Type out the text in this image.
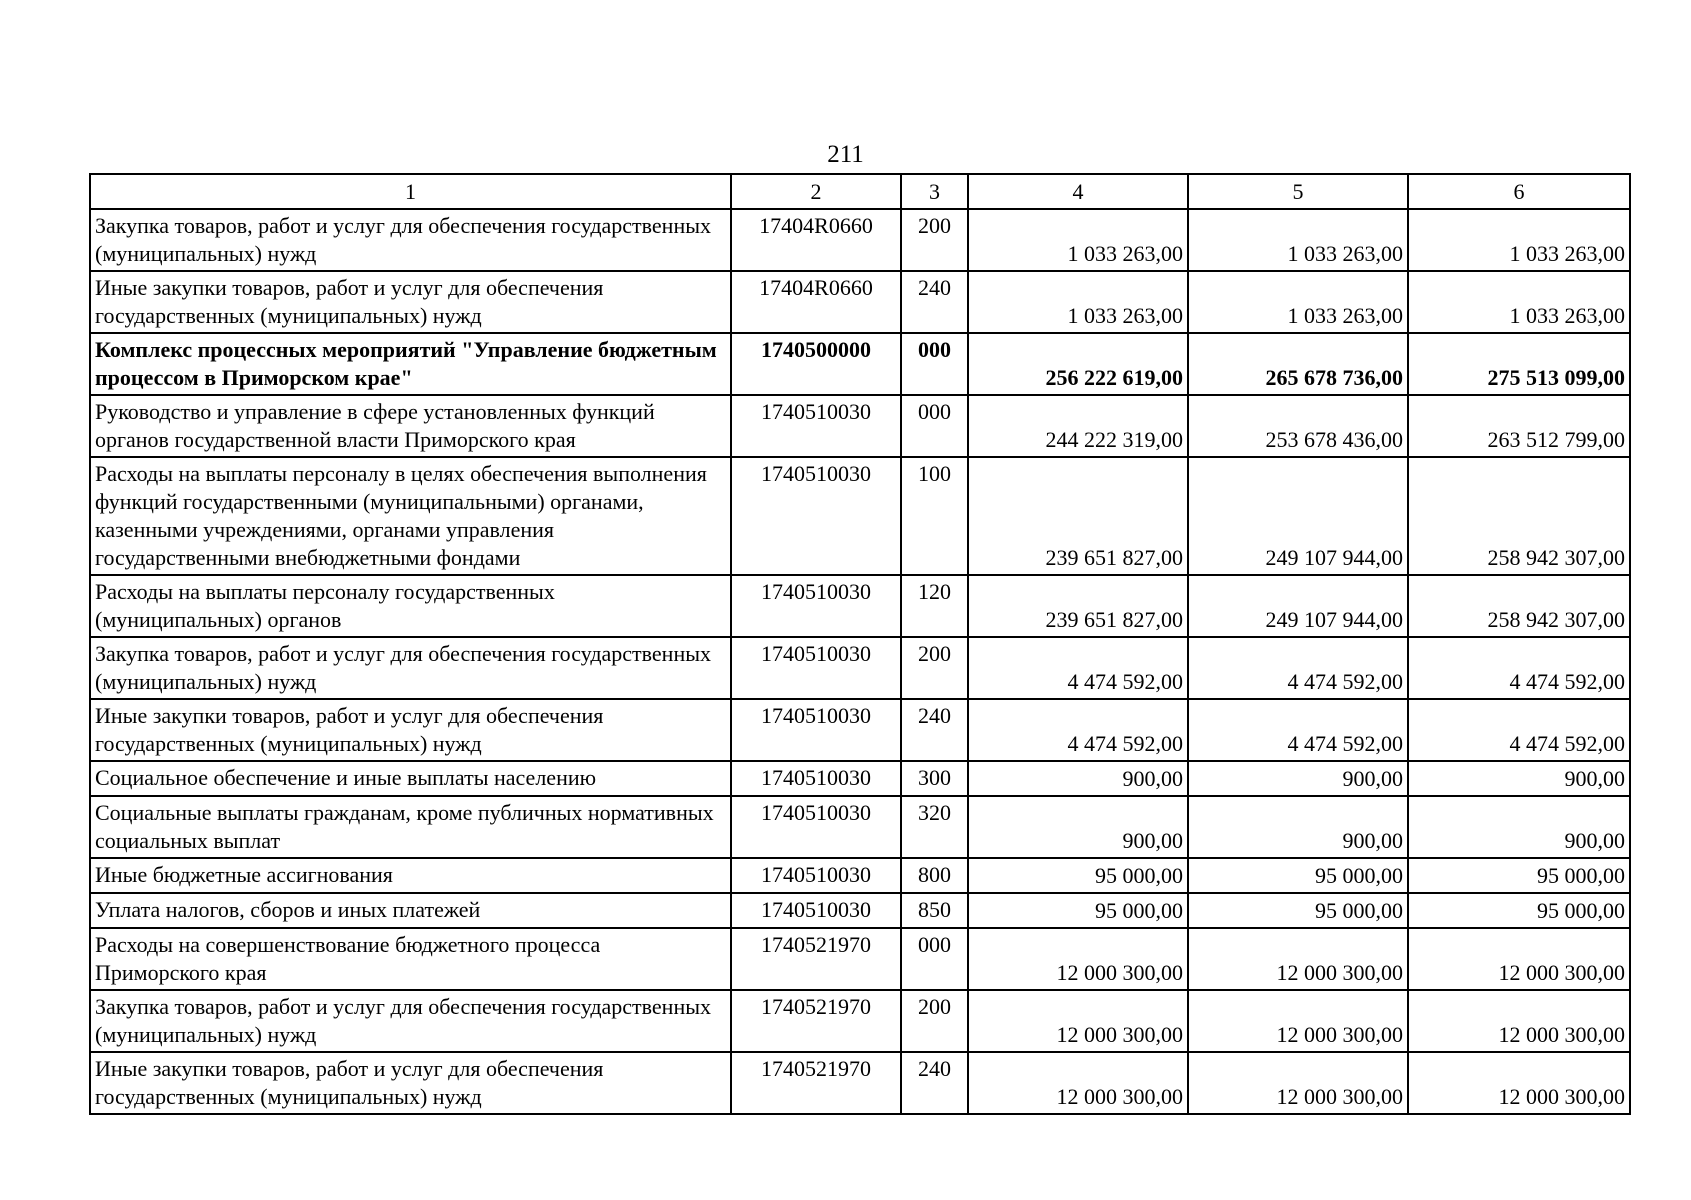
211
1	2	3	4	5	6
Закупка товаров, работ и услуг для обеспечения государственных (муниципальных) нужд	17404R0660	200	1 033 263,00	1 033 263,00	1 033 263,00
Иные закупки товаров, работ и услуг для обеспечения государственных (муниципальных) нужд	17404R0660	240	1 033 263,00	1 033 263,00	1 033 263,00
Комплекс процессных мероприятий "Управление бюджетным процессом в Приморском крае"	1740500000	000	256 222 619,00	265 678 736,00	275 513 099,00
Руководство и управление в сфере установленных функций органов государственной власти Приморского края	1740510030	000	244 222 319,00	253 678 436,00	263 512 799,00
Расходы на выплаты персоналу в целях обеспечения выполнения функций государственными (муниципальными) органами, казенными учреждениями, органами управления государственными внебюджетными фондами	1740510030	100	239 651 827,00	249 107 944,00	258 942 307,00
Расходы на выплаты персоналу государственных (муниципальных) органов	1740510030	120	239 651 827,00	249 107 944,00	258 942 307,00
Закупка товаров, работ и услуг для обеспечения государственных (муниципальных) нужд	1740510030	200	4 474 592,00	4 474 592,00	4 474 592,00
Иные закупки товаров, работ и услуг для обеспечения государственных (муниципальных) нужд	1740510030	240	4 474 592,00	4 474 592,00	4 474 592,00
Социальное обеспечение и иные выплаты населению	1740510030	300	900,00	900,00	900,00
Социальные выплаты гражданам, кроме публичных нормативных социальных выплат	1740510030	320	900,00	900,00	900,00
Иные бюджетные ассигнования	1740510030	800	95 000,00	95 000,00	95 000,00
Уплата налогов, сборов и иных платежей	1740510030	850	95 000,00	95 000,00	95 000,00
Расходы на совершенствование бюджетного процесса Приморского края	1740521970	000	12 000 300,00	12 000 300,00	12 000 300,00
Закупка товаров, работ и услуг для обеспечения государственных (муниципальных) нужд	1740521970	200	12 000 300,00	12 000 300,00	12 000 300,00
Иные закупки товаров, работ и услуг для обеспечения государственных (муниципальных) нужд	1740521970	240	12 000 300,00	12 000 300,00	12 000 300,00
